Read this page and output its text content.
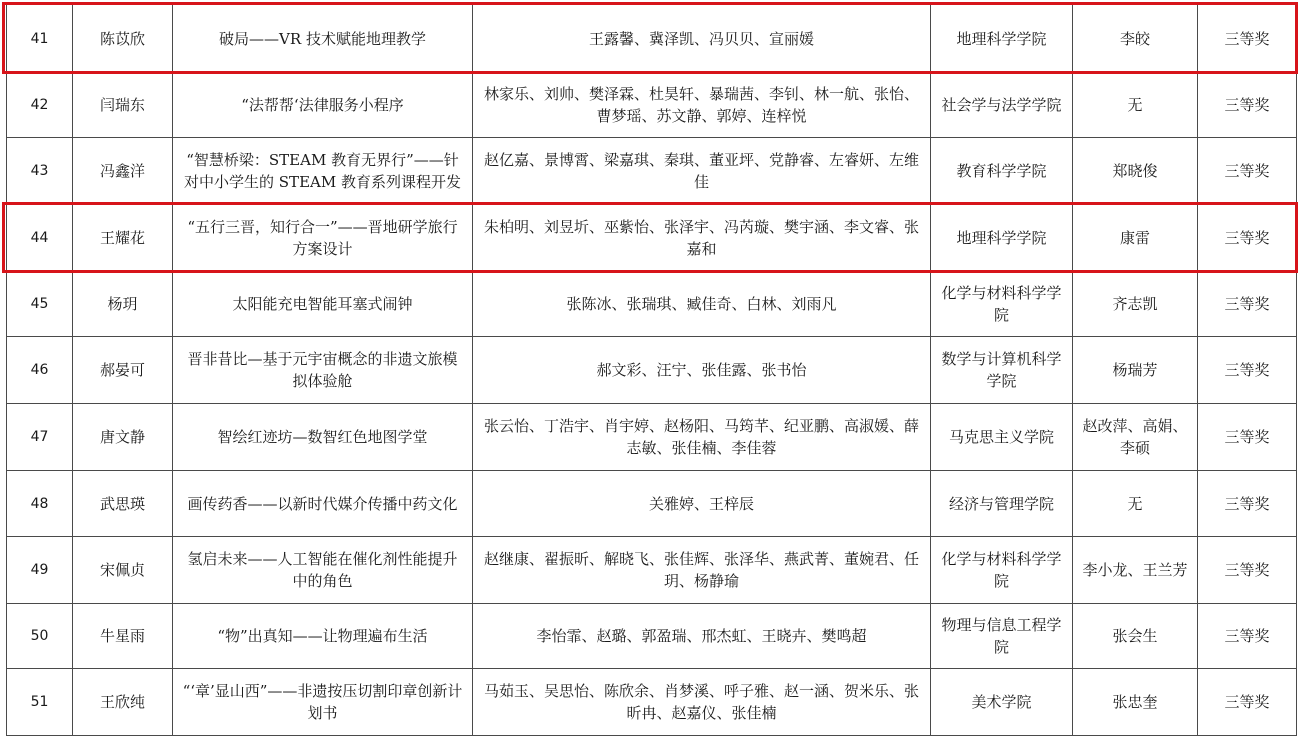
41	陈苡欣	破局——VR 技术赋能地理教学	王露馨、冀泽凯、冯贝贝、宣丽媛	地理科学学院	李皎	三等奖
42	闫瑞东	“法帮帮‘法律服务小程序	林家乐、刘帅、樊泽霖、杜昊轩、暴瑞茜、李钊、林一航、张怡、曹梦瑶、苏文静、郭婷、连梓悦	社会学与法学学院	无	三等奖
43	冯鑫洋	“智慧桥梁：STEAM 教育无界行”——针对中小学生的 STEAM 教育系列课程开发	赵亿嘉、景博霄、梁嘉琪、秦琪、董亚坪、党静睿、左睿妍、左维佳	教育科学学院	郑晓俊	三等奖
44	王耀花	“五行三晋，知行合一”——晋地研学旅行方案设计	朱柏明、刘昱圻、巫紫怡、张泽宇、冯芮璇、樊宇涵、李文睿、张嘉和	地理科学学院	康雷	三等奖
45	杨玥	太阳能充电智能耳塞式闹钟	张陈冰、张瑞琪、臧佳奇、白林、刘雨凡	化学与材料科学学院	齐志凯	三等奖
46	郝晏可	晋非昔比—基于元宇宙概念的非遗文旅模拟体验舱	郝文彩、汪宁、张佳露、张书怡	数学与计算机科学学院	杨瑞芳	三等奖
47	唐文静	智绘红迹坊—数智红色地图学堂	张云怡、丁浩宇、肖宇婷、赵杨阳、马筠芊、纪亚鹏、高淑媛、薛志敏、张佳楠、李佳蓉	马克思主义学院	赵改萍、高娟、李硕	三等奖
48	武思瑛	画传药香——以新时代媒介传播中药文化	关雅婷、王梓辰	经济与管理学院	无	三等奖
49	宋佩贞	氢启未来——人工智能在催化剂性能提升中的角色	赵继康、翟振昕、解晓飞、张佳辉、张泽华、燕武菁、董婉君、任玥、杨静瑜	化学与材料科学学院	李小龙、王兰芳	三等奖
50	牛星雨	“物”出真知——让物理遍布生活	李怡霏、赵璐、郭盈瑞、邢杰虹、王晓卉、樊鸣超	物理与信息工程学院	张会生	三等奖
51	王欣纯	“‘章’显山西”——非遗按压切割印章创新计划书	马茹玉、吴思怡、陈欣余、肖梦溪、呼子雅、赵一涵、贺米乐、张昕冉、赵嘉仪、张佳楠	美术学院	张忠奎	三等奖
